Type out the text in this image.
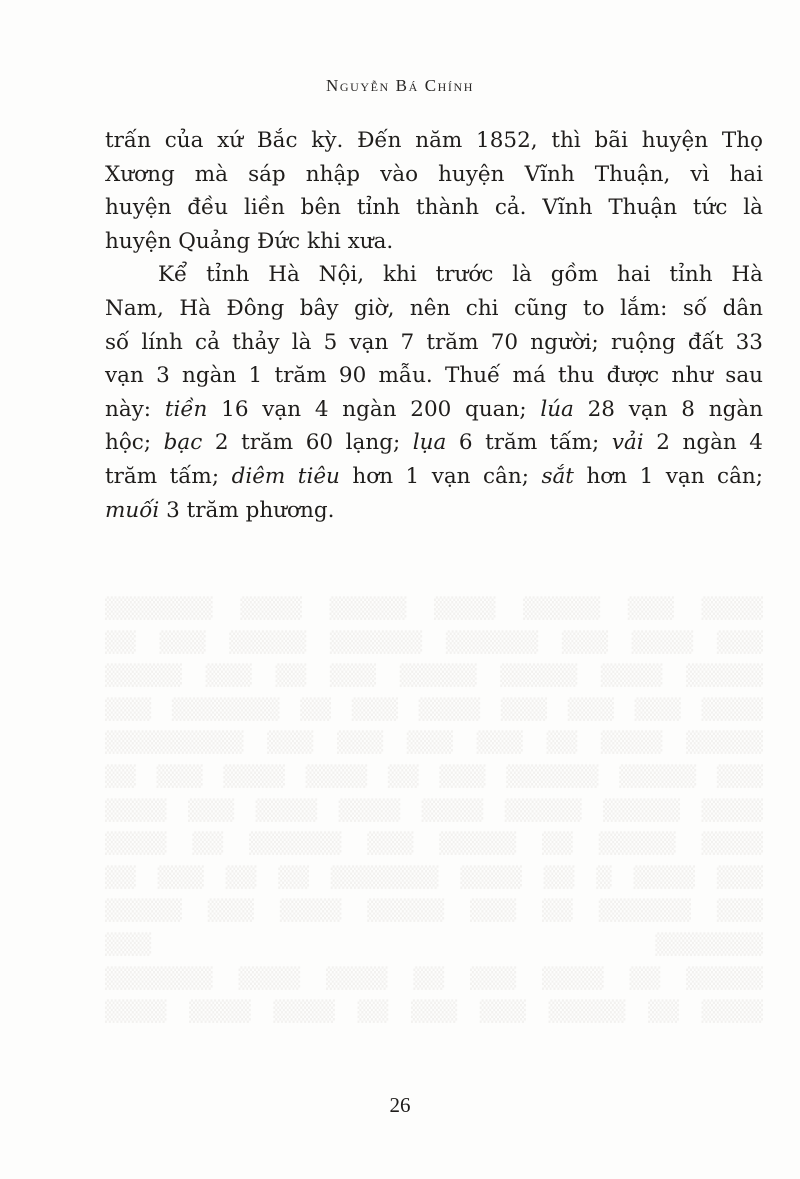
Nguyễn Bá Chính
▒▒▒▒ ▒▒▒ ▒▒▒▒▒ ▒▒▒▒ ▒▒▒▒▒ ▒▒▒▒ ▒▒▒▒▒▒▒
▒▒▒ ▒▒▒▒ ▒▒▒ ▒▒▒▒▒▒ ▒▒▒▒▒▒ ▒▒▒▒▒ ▒▒▒ ▒▒
▒▒▒▒▒ ▒▒▒▒ ▒▒▒▒▒ ▒▒▒▒▒ ▒▒▒ ▒▒ ▒▒▒ ▒▒▒▒▒
▒▒▒▒ ▒▒▒ ▒▒▒ ▒▒▒ ▒▒▒▒ ▒▒▒ ▒▒ ▒▒▒▒▒▒▒ ▒▒▒
▒▒▒▒▒ ▒▒▒▒ ▒▒ ▒▒▒ ▒▒▒ ▒▒▒ ▒▒▒ ▒▒▒▒▒▒▒▒▒
▒▒▒ ▒▒▒▒▒ ▒▒▒▒▒▒ ▒▒▒ ▒▒ ▒▒▒▒ ▒▒▒▒ ▒▒▒ ▒▒
▒▒▒▒ ▒▒▒▒▒ ▒▒▒▒▒ ▒▒▒▒ ▒▒▒▒ ▒▒▒▒ ▒▒▒ ▒▒▒▒
▒▒▒▒ ▒▒▒▒▒ ▒▒ ▒▒▒▒▒ ▒▒▒ ▒▒▒▒▒▒ ▒▒ ▒▒▒▒
▒▒▒ ▒▒▒▒ ▒ ▒▒ ▒▒▒▒ ▒▒▒▒▒▒▒ ▒▒ ▒▒ ▒▒▒ ▒▒
▒▒▒ ▒▒▒▒▒▒ ▒▒ ▒▒▒ ▒▒▒▒▒ ▒▒▒▒ ▒▒▒ ▒▒▒▒▒
▒▒▒▒▒▒▒ ▒▒▒
▒▒▒▒▒ ▒▒ ▒▒▒▒ ▒▒▒ ▒▒ ▒▒▒▒ ▒▒▒▒ ▒▒▒▒▒▒▒
▒▒▒▒ ▒▒ ▒▒▒▒▒ ▒▒▒ ▒▒▒ ▒▒ ▒▒▒▒ ▒▒▒▒ ▒▒▒▒
trấn của xứ Bắc kỳ. Đến năm 1852, thì bãi huyện Thọ
Xương mà sáp nhập vào huyện Vĩnh Thuận, vì hai
huyện đều liền bên tỉnh thành cả. Vĩnh Thuận tức là
huyện Quảng Đức khi xưa.
Kể tỉnh Hà Nội, khi trước là gồm hai tỉnh Hà
Nam, Hà Đông bây giờ, nên chi cũng to lắm: số dân
số lính cả thảy là 5 vạn 7 trăm 70 người; ruộng đất 33
vạn 3 ngàn 1 trăm 90 mẫu. Thuế má thu được như sau
này: tiền 16 vạn 4 ngàn 200 quan; lúa 28 vạn 8 ngàn
hộc; bạc 2 trăm 60 lạng; lụa 6 trăm tấm; vải 2 ngàn 4
trăm tấm; diêm tiêu hơn 1 vạn cân; sắt hơn 1 vạn cân;
muối 3 trăm phương.
26
